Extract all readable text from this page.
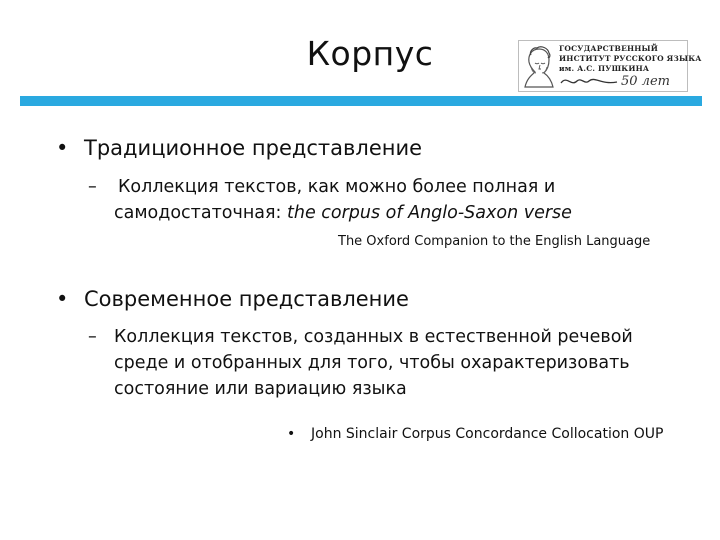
Корпус	ГОСУДАРСТВЕННЫЙ
ИНСТИТУТ РУССКОГО ЯЗЫКА
им. А.С. ПУШКИНА
50 лет
• Традиционное представление
–	Коллекция текстов, как можно более полная и
самодостаточная: the corpus of Anglo-Saxon verse
The Oxford Companion to the English Language
• Современное представление
– Коллекция текстов, созданных в естественной речевой
среде и отобранных для того, чтобы охарактеризовать
состояние или вариацию языка
• John Sinclair Corpus Concordance Collocation OUP
